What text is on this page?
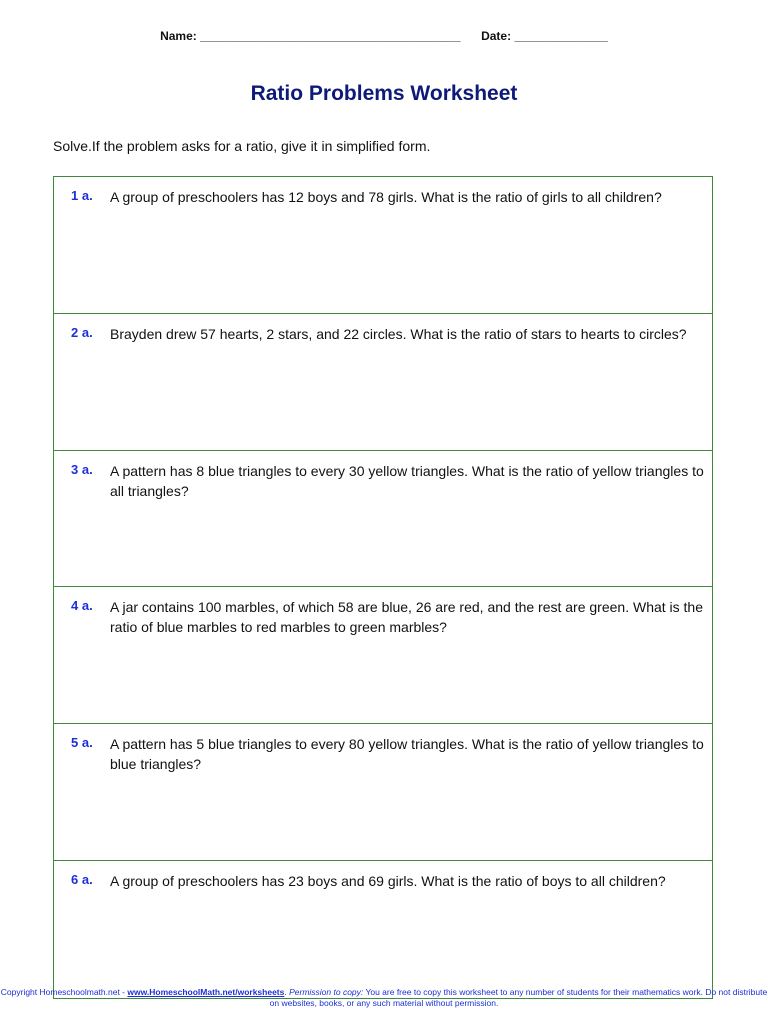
Name: _______________________________________ Date: ______________
Ratio Problems Worksheet
Solve.If the problem asks for a ratio, give it in simplified form.
1 a. A group of preschoolers has 12 boys and 78 girls. What is the ratio of girls to all children?
2 a. Brayden drew 57 hearts, 2 stars, and 22 circles. What is the ratio of stars to hearts to circles?
3 a. A pattern has 8 blue triangles to every 30 yellow triangles. What is the ratio of yellow triangles to all triangles?
4 a. A jar contains 100 marbles, of which 58 are blue, 26 are red, and the rest are green. What is the ratio of blue marbles to red marbles to green marbles?
5 a. A pattern has 5 blue triangles to every 80 yellow triangles. What is the ratio of yellow triangles to blue triangles?
6 a. A group of preschoolers has 23 boys and 69 girls. What is the ratio of boys to all children?
Copyright Homeschoolmath.net - www.HomeschoolMath.net/worksheets. Permission to copy: You are free to copy this worksheet to any number of students for their mathematics work. Do not distribute on websites, books, or any such material without permission.
